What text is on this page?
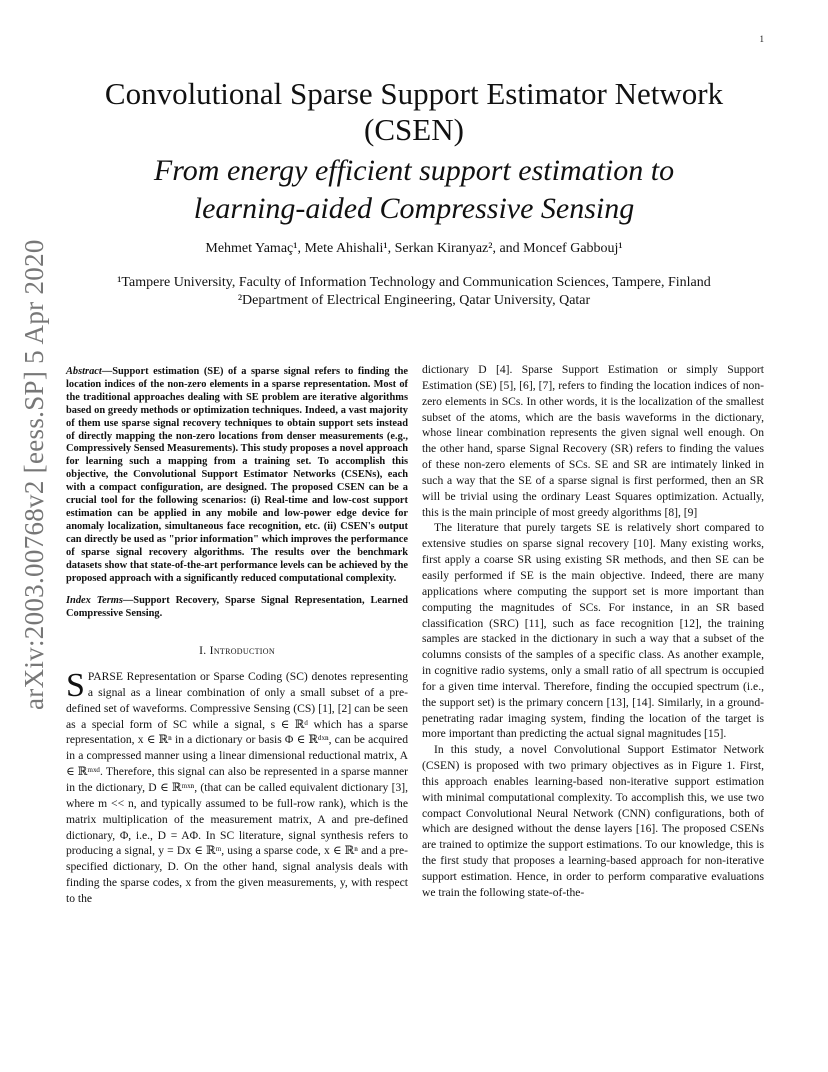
1
arXiv:2003.00768v2 [eess.SP] 5 Apr 2020
Convolutional Sparse Support Estimator Network
(CSEN)
From energy efficient support estimation to
learning-aided Compressive Sensing
Mehmet Yamaç¹, Mete Ahishali¹, Serkan Kiranyaz², and Moncef Gabbouj¹

¹Tampere University, Faculty of Information Technology and Communication Sciences, Tampere, Finland

²Department of Electrical Engineering, Qatar University, Qatar

Abstract—Support estimation (SE) of a sparse signal refers to finding the location indices of the non-zero elements in a sparse representation. Most of the traditional approaches dealing with SE problem are iterative algorithms based on greedy methods or optimization techniques. Indeed, a vast majority of them use sparse signal recovery techniques to obtain support sets instead of directly mapping the non-zero locations from denser measurements (e.g., Compressively Sensed Measurements). This study proposes a novel approach for learning such a mapping from a training set. To accomplish this objective, the Convolutional Support Estimator Networks (CSENs), each with a compact configuration, are designed. The proposed CSEN can be a crucial tool for the following scenarios: (i) Real-time and low-cost support estimation can be applied in any mobile and low-power edge device for anomaly localization, simultaneous face recognition, etc. (ii) CSEN's output can directly be used as "prior information" which improves the performance of sparse signal recovery algorithms. The results over the benchmark datasets show that state-of-the-art performance levels can be achieved by the proposed approach with a significantly reduced computational complexity.

Index Terms—Support Recovery, Sparse Signal Representation, Learned Compressive Sensing.

I. Introduction

SPARSE Representation or Sparse Coding (SC) denotes representing a signal as a linear combination of only a small subset of a pre-defined set of waveforms. Compressive Sensing (CS) [1], [2] can be seen as a special form of SC while a signal, s ∈ ℝᵈ which has a sparse representation, x ∈ ℝⁿ in a dictionary or basis Φ ∈ ℝᵈˣⁿ, can be acquired in a compressed manner using a linear dimensional reductional matrix, A ∈ ℝᵐˣᵈ. Therefore, this signal can also be represented in a sparse manner in the dictionary, D ∈ ℝᵐˣⁿ, (that can be called equivalent dictionary [3], where m << n, and typically assumed to be full-row rank), which is the matrix multiplication of the measurement matrix, A and pre-defined dictionary, Φ, i.e., D = AΦ. In SC literature, signal synthesis refers to producing a signal, y = Dx ∈ ℝᵐ, using a sparse code, x ∈ ℝⁿ and a pre-specified dictionary, D. On the other hand, signal analysis deals with finding the sparse codes, x from the given measurements, y, with respect to the

dictionary D [4]. Sparse Support Estimation or simply Support Estimation (SE) [5], [6], [7], refers to finding the location indices of non-zero elements in SCs. In other words, it is the localization of the smallest subset of the atoms, which are the basis waveforms in the dictionary, whose linear combination represents the given signal well enough. On the other hand, sparse Signal Recovery (SR) refers to finding the values of these non-zero elements of SCs. SE and SR are intimately linked in such a way that the SE of a sparse signal is first performed, then an SR will be trivial using the ordinary Least Squares optimization. Actually, this is the main principle of most greedy algorithms [8], [9]

The literature that purely targets SE is relatively short compared to extensive studies on sparse signal recovery [10]. Many existing works, first apply a coarse SR using existing SR methods, and then SE can be easily performed if SE is the main objective. Indeed, there are many applications where computing the support set is more important than computing the magnitudes of SCs. For instance, in an SR based classification (SRC) [11], such as face recognition [12], the training samples are stacked in the dictionary in such a way that a subset of the columns consists of the samples of a specific class. As another example, in cognitive radio systems, only a small ratio of all spectrum is occupied for a given time interval. Therefore, finding the occupied spectrum (i.e., the support set) is the primary concern [13], [14]. Similarly, in a ground-penetrating radar imaging system, finding the location of the target is more important than predicting the actual signal magnitudes [15].

In this study, a novel Convolutional Support Estimator Network (CSEN) is proposed with two primary objectives as in Figure 1. First, this approach enables learning-based non-iterative support estimation with minimal computational complexity. To accomplish this, we use two compact Convolutional Neural Network (CNN) configurations, both of which are designed without the dense layers [16]. The proposed CSENs are trained to optimize the support estimations. To our knowledge, this is the first study that proposes a learning-based approach for non-iterative support estimation. Hence, in order to perform comparative evaluations we train the following state-of-the-
